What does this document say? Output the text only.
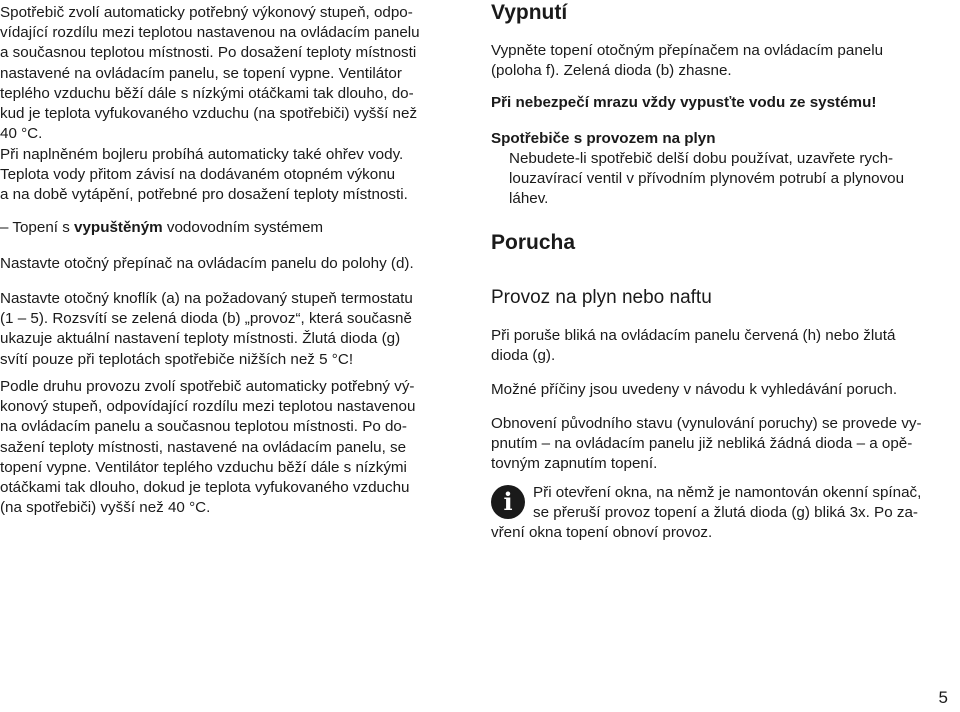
Spotřebič zvolí automaticky potřebný výkonový stupeň, odpo-
vídající rozdílu mezi teplotou nastavenou na ovládacím panelu
a současnou teplotou místnosti. Po dosažení teploty místnosti
nastavené na ovládacím panelu, se topení vypne. Ventilátor
teplého vzduchu běží dále s nízkými otáčkami tak dlouho, do-
kud je teplota vyfukovaného vzduchu (na spotřebiči) vyšší než
40 °C.

Při naplněném bojleru probíhá automaticky také ohřev vody.
Teplota vody přitom závisí na dodávaném otopném výkonu
a na době vytápění, potřebné pro dosažení teploty místnosti.

– Topení s vypuštěným vodovodním systémem

Nastavte otočný přepínač na ovládacím panelu do polohy (d).

Nastavte otočný knoflík (a) na požadovaný stupeň termostatu
(1 – 5). Rozsvítí se zelená dioda (b) „provoz“, která současně
ukazuje aktuální nastavení teploty místnosti. Žlutá dioda (g)
svítí pouze při teplotách spotřebiče nižších než 5 °C!

Podle druhu provozu zvolí spotřebič automaticky potřebný vý-
konový stupeň, odpovídající rozdílu mezi teplotou nastavenou
na ovládacím panelu a současnou teplotou místnosti. Po do-
sažení teploty místnosti, nastavené na ovládacím panelu, se
topení vypne. Ventilátor teplého vzduchu běží dále s nízkými
otáčkami tak dlouho, dokud je teplota vyfukovaného vzduchu
(na spotřebiči) vyšší než 40 °C.

Vypnutí

Vypněte topení otočným přepínačem na ovládacím panelu
(poloha f). Zelená dioda (b) zhasne.

Při nebezpečí mrazu vždy vypusťte vodu ze systému!

Spotřebiče s provozem na plyn

Nebudete-li spotřebič delší dobu používat, uzavřete rych-
louzavírací ventil v přívodním plynovém potrubí a plynovou
láhev.

Porucha
Provoz na plyn nebo naftu

Při poruše bliká na ovládacím panelu červená (h) nebo žlutá
dioda (g).

Možné příčiny jsou uvedeny v návodu k vyhledávání poruch.

Obnovení původního stavu (vynulování poruchy) se provede vy-
pnutím – na ovládacím panelu již nebliká žádná dioda – a opě-
tovným zapnutím topení.

i	Při otevření okna, na němž je namontován okenní spínač,
se přeruší provoz topení a žlutá dioda (g) bliká 3x. Po za-
vření okna topení obnoví provoz.

5
